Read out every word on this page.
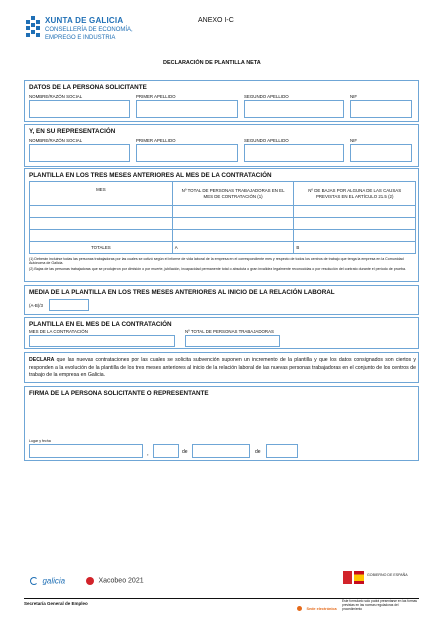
XUNTA DE GALICIA
CONSELLERÍA DE ECONOMÍA,
EMPREGO E INDUSTRIA
ANEXO I-C
DECLARACIÓN DE PLANTILLA NETA
DATOS DE LA PERSONA SOLICITANTE
NOMBRE/RAZÓN SOCIAL	PRIMER APELLIDO	SEGUNDO APELLIDO	NIF
Y, EN SU REPRESENTACIÓN
NOMBRE/RAZÓN SOCIAL	PRIMER APELLIDO	SEGUNDO APELLIDO	NIF
PLANTILLA EN LOS TRES MESES ANTERIORES AL MES DE LA CONTRATACIÓN
MES	Nº TOTAL DE PERSONAS TRABAJADORAS EN EL MES DE CONTRATACIÓN (1)	Nº DE BAJAS POR ALGUNA DE LAS CAUSAS PREVISTAS EN EL ARTÍCULO 21.5 (2)

TOTALES	A	B
(1) Deberán incluirse todas las personas trabajadoras por las cuales se cotizó según el informe de vida laboral de la empresa en el correspondiente mes y respecto de todos los centros de trabajo que tenga la empresa en la Comunidad Autónoma de Galicia.
(2) Bajas de las personas trabajadoras que se produjeron por dimisión o por muerte, jubilación, incapacidad permanente total o absoluta o gran invalidez legalmente reconocidas o por resolución del contrato durante el período de prueba.
MEDIA DE LA PLANTILLA EN LOS TRES MESES ANTERIORES AL INICIO DE LA RELACIÓN LABORAL
(A-B)/3
PLANTILLA EN EL MES DE LA CONTRATACIÓN
MES DE LA CONTRATACIÓN	Nº TOTAL DE PERSONAS TRABAJADORAS
DECLARA que las nuevas contrataciones por las cuales se solicita subvención suponen un incremento de la plantilla y que los datos consignados son ciertos y responden a la evolución de la plantilla de los tres meses anteriores al inicio de la relación laboral de las nuevas personas trabajadoras en el conjunto de los centros de trabajo de la empresa en Galicia.
FIRMA DE LA PERSONA SOLICITANTE O REPRESENTANTE
Lugar y fecha
,	de	de
galicia	Xacobeo 2021
GOBIERNO DE ESPAÑA
Secretaría General de Empleo
Sede electrónica
Este formulario solo podrá presentarse en las formas previstas en las normas reguladoras del procedimiento
